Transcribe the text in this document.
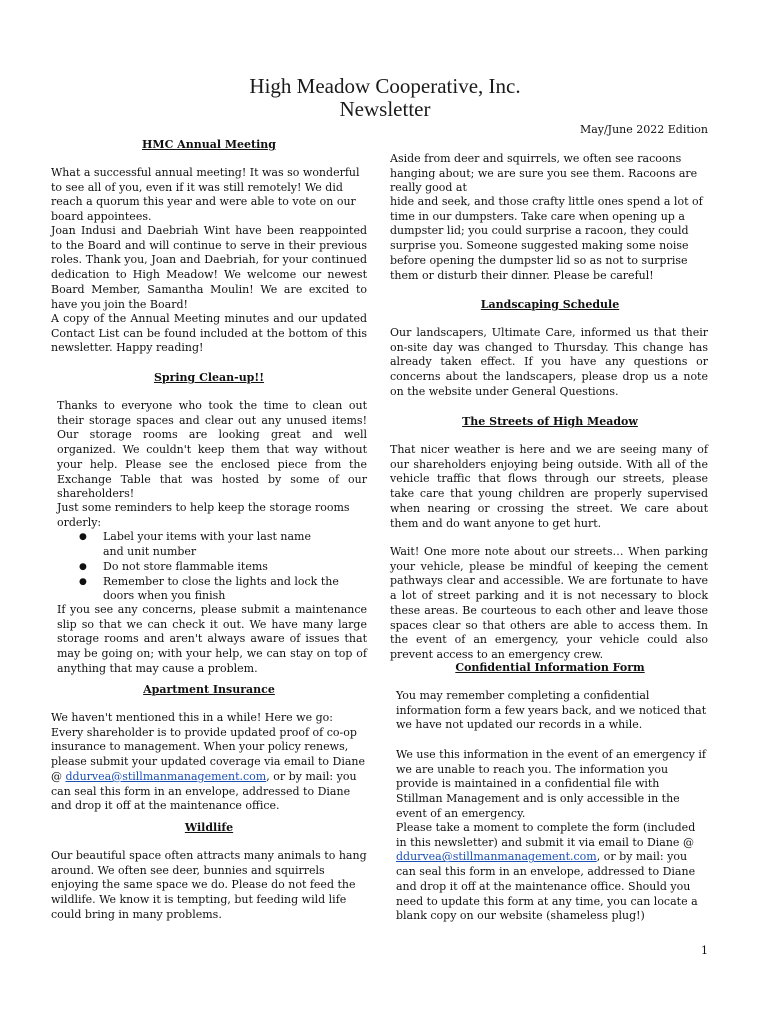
High Meadow Cooperative, Inc.
Newsletter
May/June 2022 Edition
HMC Annual Meeting

What a successful annual meeting! It was so wonderful to see all of you, even if it was still remotely! We did reach a quorum this year and were able to vote on our board appointees.

Joan Indusi and Daebriah Wint have been reappointed to the Board and will continue to serve in their previous roles. Thank you, Joan and Daebriah, for your continued dedication to High Meadow! We welcome our newest Board Member, Samantha Moulin! We are excited to have you join the Board!

A copy of the Annual Meeting minutes and our updated Contact List can be found included at the bottom of this newsletter. Happy reading!

Spring Clean-up!!

Thanks to everyone who took the time to clean out their storage spaces and clear out any unused items! Our storage rooms are looking great and well organized. We couldn't keep them that way without your help. Please see the enclosed piece from the Exchange Table that was hosted by some of our shareholders!

Just some reminders to help keep the storage rooms orderly:

● Label your items with your last name and unit number
● Do not store flammable items
● Remember to close the lights and lock the doors when you finish

If you see any concerns, please submit a maintenance slip so that we can check it out. We have many large storage rooms and aren't always aware of issues that may be going on; with your help, we can stay on top of anything that may cause a problem.

Apartment Insurance

We haven't mentioned this in a while! Here we go: Every shareholder is to provide updated proof of co-op insurance to management. When your policy renews, please submit your updated coverage via email to Diane @ ddurvea@stillmanmanagement.com, or by mail: you can seal this form in an envelope, addressed to Diane and drop it off at the maintenance office.

Wildlife

Our beautiful space often attracts many animals to hang around. We often see deer, bunnies and squirrels enjoying the same space we do. Please do not feed the wildlife. We know it is tempting, but feeding wild life could bring in many problems.

Aside from deer and squirrels, we often see racoons hanging about; we are sure you see them. Racoons are really good at

hide and seek, and those crafty little ones spend a lot of time in our dumpsters. Take care when opening up a dumpster lid; you could surprise a racoon, they could surprise you. Someone suggested making some noise before opening the dumpster lid so as not to surprise them or disturb their dinner. Please be careful!

Landscaping Schedule

Our landscapers, Ultimate Care, informed us that their on-site day was changed to Thursday. This change has already taken effect. If you have any questions or concerns about the landscapers, please drop us a note on the website under General Questions.

The Streets of High Meadow

That nicer weather is here and we are seeing many of our shareholders enjoying being outside. With all of the vehicle traffic that flows through our streets, please take care that young children are properly supervised when nearing or crossing the street. We care about them and do want anyone to get hurt.

Wait! One more note about our streets… When parking your vehicle, please be mindful of keeping the cement pathways clear and accessible. We are fortunate to have a lot of street parking and it is not necessary to block these areas. Be courteous to each other and leave those spaces clear so that others are able to access them. In the event of an emergency, your vehicle could also prevent access to an emergency crew.

Confidential Information Form

You may remember completing a confidential information form a few years back, and we noticed that we have not updated our records in a while.

We use this information in the event of an emergency if we are unable to reach you. The information you provide is maintained in a confidential file with Stillman Management and is only accessible in the event of an emergency.

Please take a moment to complete the form (included in this newsletter) and submit it via email to Diane @ ddurvea@stillmanmanagement.com, or by mail: you can seal this form in an envelope, addressed to Diane and drop it off at the maintenance office. Should you need to update this form at any time, you can locate a blank copy on our website (shameless plug!)

1
